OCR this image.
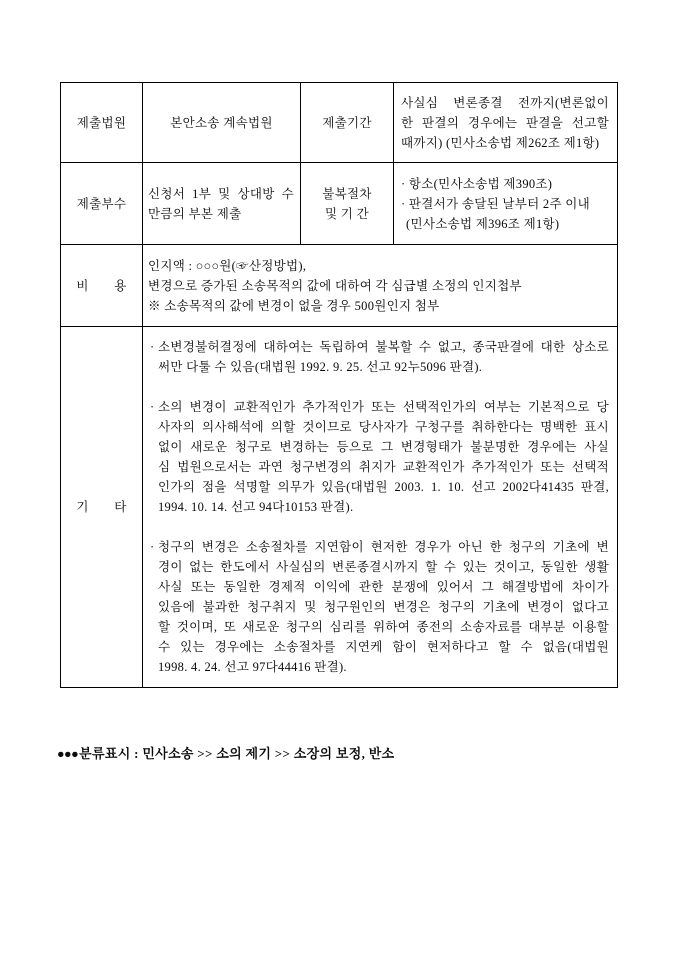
제출법원	본안소송 계속법원	제출기간
사실심 변론종결 전까지(변론없이
한 판결의 경우에는 판결을 선고할
때까지) (민사소송법 제262조 제1항)
제출부수
신청서 1부 및 상대방 수
만큼의 부본 제출
불복절차
및 기 간
· 항소(민사소송법 제390조)
· 판결서가 송달된 날부터 2주 이내
(민사소송법 제396조 제1항)
비　　용
인지액 : ○○○원(☞산정방법),
변경으로 증가된 소송목적의 값에 대하여 각 심급별 소정의 인지첩부
※ 소송목적의 값에 변경이 없을 경우 500원인지 첨부
기　　타
· 소변경불허결정에 대하여는 독립하여 불복할 수 없고, 종국판결에 대한 상소로
써만 다툴 수 있음(대법원 1992. 9. 25. 선고 92누5096 판결).
· 소의 변경이 교환적인가 추가적인가 또는 선택적인가의 여부는 기본적으로 당
사자의 의사해석에 의할 것이므로 당사자가 구청구를 취하한다는 명백한 표시
없이 새로운 청구로 변경하는 등으로 그 변경형태가 불분명한 경우에는 사실
심 법원으로서는 과연 청구변경의 취지가 교환적인가 추가적인가 또는 선택적
인가의 점을 석명할 의무가 있음(대법원 2003. 1. 10. 선고 2002다41435 판결,
1994. 10. 14. 선고 94다10153 판결).
· 청구의 변경은 소송절차를 지연함이 현저한 경우가 아닌 한 청구의 기초에 변
경이 없는 한도에서 사실심의 변론종결시까지 할 수 있는 것이고, 동일한 생활
사실 또는 동일한 경제적 이익에 관한 분쟁에 있어서 그 해결방법에 차이가
있음에 불과한 청구취지 및 청구원인의 변경은 청구의 기초에 변경이 없다고
할 것이며, 또 새로운 청구의 심리를 위하여 종전의 소송자료를 대부분 이용할
수 있는 경우에는 소송절차를 지연케 함이 현저하다고 할 수 없음(대법원
1998. 4. 24. 선고 97다44416 판결).
●●●분류표시 : 민사소송 >> 소의 제기 >> 소장의 보정, 반소
